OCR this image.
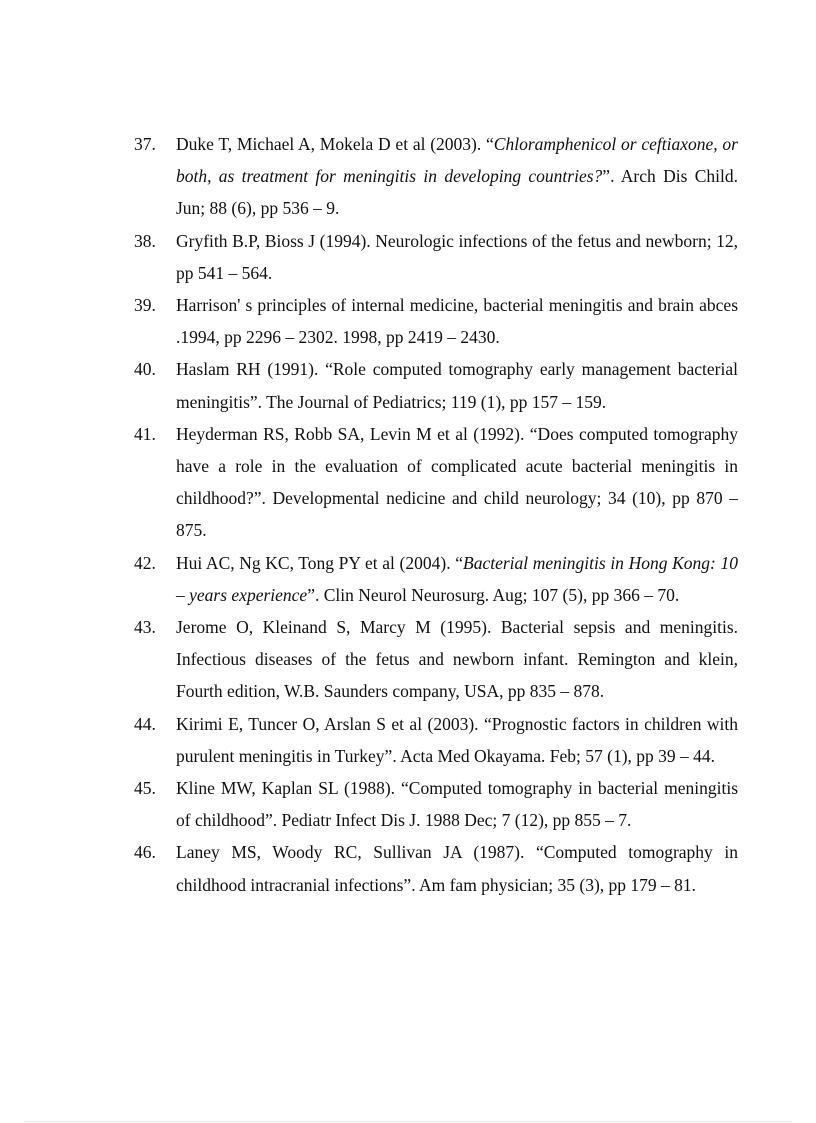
37.	Duke T, Michael A, Mokela D et al (2003). “Chloramphenicol or ceftiaxone, or both, as treatment for meningitis in developing countries?”. Arch Dis Child. Jun; 88 (6), pp 536 – 9.
38.	Gryfith B.P, Bioss J (1994). Neurologic infections of the fetus and newborn; 12, pp 541 – 564.
39.	Harrison' s principles of internal medicine, bacterial meningitis and brain abces .1994, pp 2296 – 2302. 1998, pp 2419 – 2430.
40.	Haslam RH (1991). “Role computed tomography early management bacterial meningitis”. The Journal of Pediatrics; 119 (1), pp 157 – 159.
41.	Heyderman RS, Robb SA, Levin M et al (1992). “Does computed tomography have a role in the evaluation of complicated acute bacterial meningitis in childhood?”. Developmental nedicine and child neurology; 34 (10), pp 870 – 875.
42.	Hui AC, Ng KC, Tong PY et al (2004). “Bacterial meningitis in Hong Kong: 10 – years experience”. Clin Neurol Neurosurg. Aug; 107 (5), pp 366 – 70.
43.	Jerome O, Kleinand S, Marcy M (1995). Bacterial sepsis and meningitis. Infectious diseases of the fetus and newborn infant. Remington and klein, Fourth edition, W.B. Saunders company, USA, pp 835 – 878.
44.	Kirimi E, Tuncer O, Arslan S et al (2003). “Prognostic factors in children with purulent meningitis in Turkey”. Acta Med Okayama. Feb; 57 (1), pp 39 – 44.
45.	Kline MW, Kaplan SL (1988). “Computed tomography in bacterial meningitis of childhood”. Pediatr Infect Dis J. 1988 Dec; 7 (12), pp 855 – 7.
46.	Laney MS, Woody RC, Sullivan JA (1987). “Computed tomography in childhood intracranial infections”. Am fam physician; 35 (3), pp 179 – 81.
